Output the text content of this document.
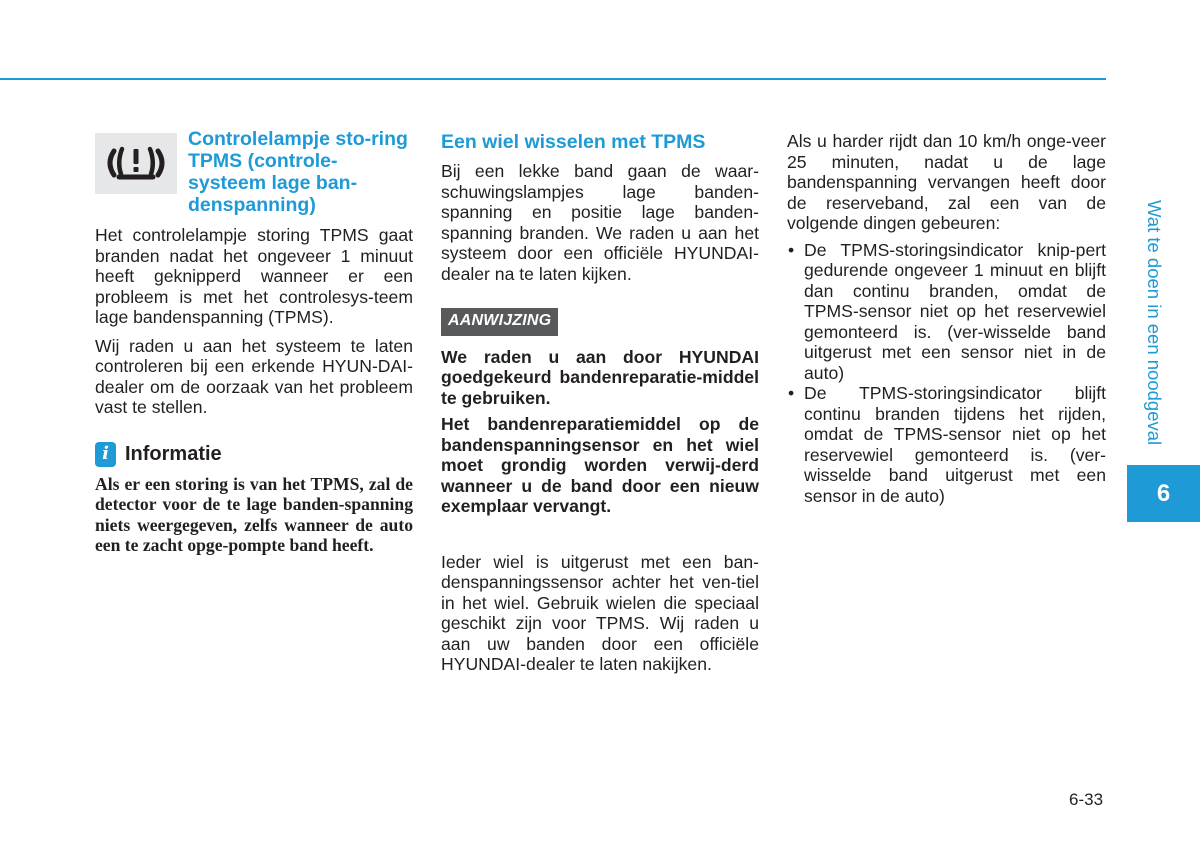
Controlelampje sto-ring TPMS (controle-systeem lage ban-denspanning)

Het controlelampje storing TPMS gaat branden nadat het ongeveer 1 minuut heeft geknipperd wanneer er een probleem is met het controlesys-teem lage bandenspanning (TPMS).

Wij raden u aan het systeem te laten controleren bij een erkende HYUN-DAI-dealer om de oorzaak van het probleem vast te stellen.

i Informatie

Als er een storing is van het TPMS, zal de detector voor de te lage banden-spanning niets weergegeven, zelfs wanneer de auto een te zacht opge-pompte band heeft.

Een wiel wisselen met TPMS

Bij een lekke band gaan de waar-schuwingslampjes lage banden-spanning en positie lage banden-spanning branden. We raden u aan het systeem door een officiële HYUNDAI-dealer na te laten kijken.

AANWIJZING

We raden u aan door HYUNDAI goedgekeurd bandenreparatie-middel te gebruiken.

Het bandenreparatiemiddel op de bandenspanningsensor en het wiel moet grondig worden verwij-derd wanneer u de band door een nieuw exemplaar vervangt.

Ieder wiel is uitgerust met een ban-denspanningssensor achter het ven-tiel in het wiel. Gebruik wielen die speciaal geschikt zijn voor TPMS. Wij raden u aan uw banden door een officiële HYUNDAI-dealer te laten nakijken.

Als u harder rijdt dan 10 km/h onge-veer 25 minuten, nadat u de lage bandenspanning vervangen heeft door de reserveband, zal een van de volgende dingen gebeuren:

• De TPMS-storingsindicator knip-pert gedurende ongeveer 1 minuut en blijft dan continu branden, omdat de TPMS-sensor niet op het reservewiel gemonteerd is. (ver-wisselde band uitgerust met een sensor niet in de auto)
• De TPMS-storingsindicator blijft continu branden tijdens het rijden, omdat de TPMS-sensor niet op het reservewiel gemonteerd is. (ver-wisselde band uitgerust met een sensor in de auto)
Wat te doen in een noodgeval
6
6-33
